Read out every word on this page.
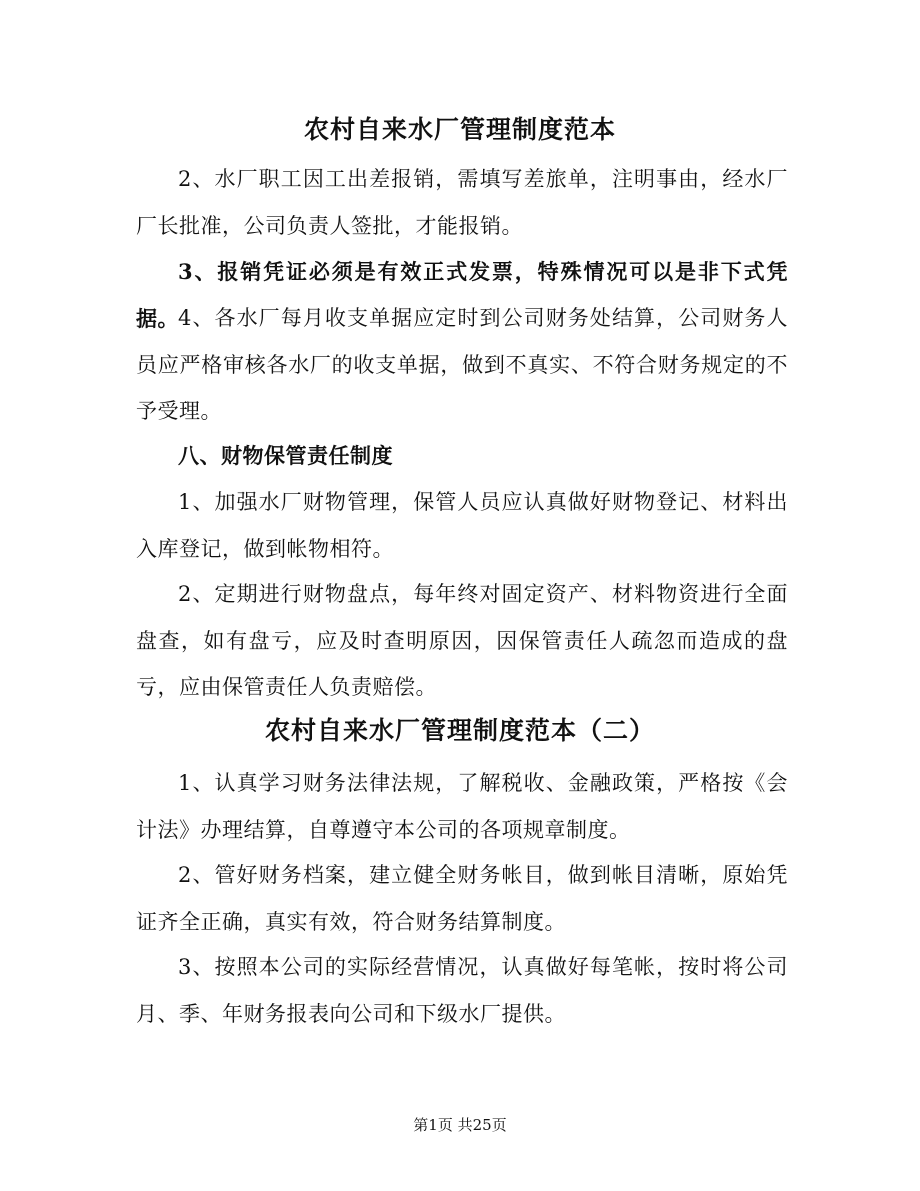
农村自来水厂管理制度范本

2、水厂职工因工出差报销，需填写差旅单，注明事由，经水厂厂长批准，公司负责人签批，才能报销。

3、报销凭证必须是有效正式发票，特殊情况可以是非下式凭据。 4、各水厂每月收支单据应定时到公司财务处结算，公司财务人员应严格审核各水厂的收支单据，做到不真实、不符合财务规定的不予受理。

八、财物保管责任制度

1、加强水厂财物管理，保管人员应认真做好财物登记、材料出入库登记，做到帐物相符。

2、定期进行财物盘点，每年终对固定资产、材料物资进行全面盘查，如有盘亏，应及时查明原因，因保管责任人疏忽而造成的盘亏，应由保管责任人负责赔偿。

农村自来水厂管理制度范本（二）

1、认真学习财务法律法规，了解税收、金融政策，严格按《会计法》办理结算，自尊遵守本公司的各项规章制度。

2、管好财务档案，建立健全财务帐目，做到帐目清晰，原始凭证齐全正确，真实有效，符合财务结算制度。

3、按照本公司的实际经营情况，认真做好每笔帐，按时将公司月、季、年财务报表向公司和下级水厂提供。

第1页 共25页
